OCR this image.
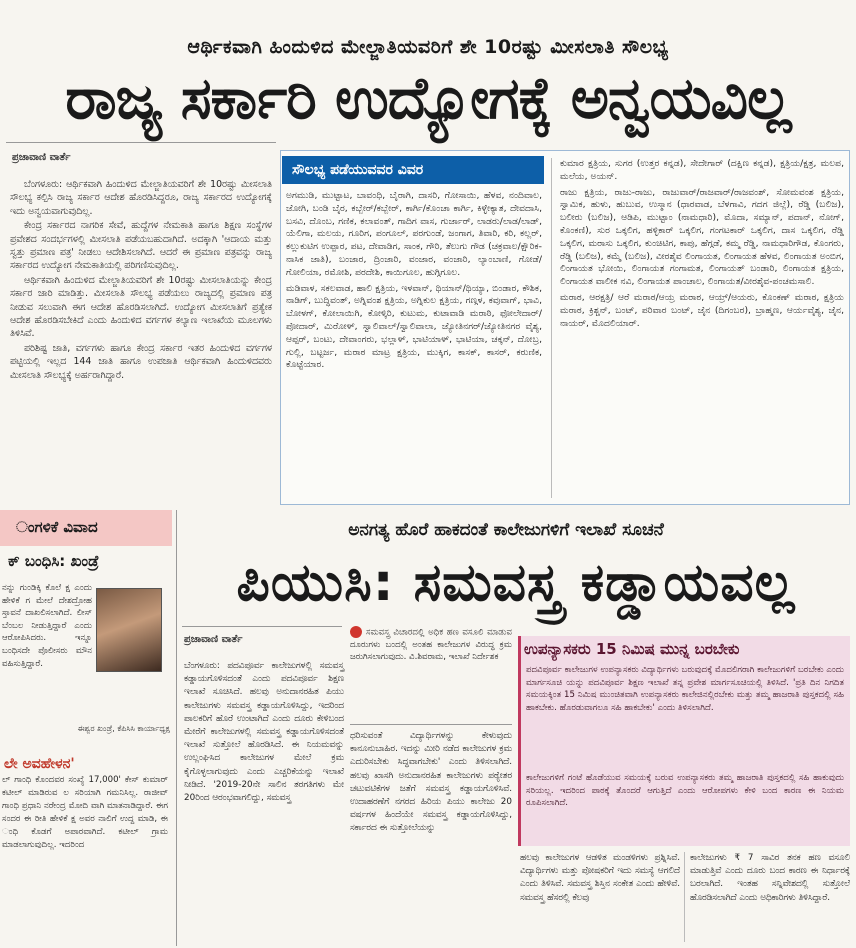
ಆರ್ಥಿಕವಾಗಿ ಹಿಂದುಳಿದ ಮೇಲ್ಜಾತಿಯವರಿಗೆ ಶೇ 10ರಷ್ಟು ಮೀಸಲಾತಿ ಸೌಲಭ್ಯ
ರಾಜ್ಯ ಸರ್ಕಾರಿ ಉದ್ಯೋಗಕ್ಕೆ ಅನ್ವಯವಿಲ್ಲ
ಪ್ರಜಾವಾಣಿ ವಾರ್ತೆ

ಬೆಂಗಳೂರು: ಆರ್ಥಿಕವಾಗಿ ಹಿಂದುಳಿದ ಮೇಲ್ಜಾತಿಯವರಿಗೆ ಶೇ 10ರಷ್ಟು ಮೀಸಲಾತಿ ಸೌಲಭ್ಯ ಕಲ್ಪಿಸಿ ರಾಜ್ಯ ಸರ್ಕಾರ ಆದೇಶ ಹೊರಡಿಸಿದ್ದರೂ, ರಾಜ್ಯ ಸರ್ಕಾರದ ಉದ್ಯೋಗಕ್ಕೆ ಇದು ಅನ್ವಯವಾಗುವುದಿಲ್ಲ.

ಕೇಂದ್ರ ಸರ್ಕಾರದ ನಾಗರಿಕ ಸೇವೆ, ಹುದ್ದೆಗಳ ನೇಮಕಾತಿ ಹಾಗೂ ಶಿಕ್ಷಣ ಸಂಸ್ಥೆಗಳ ಪ್ರವೇಶದ ಸಂದರ್ಭಗಳಲ್ಲಿ ಮೀಸಲಾತಿ ಪಡೆಯಬಹುದಾಗಿದೆ. ಅದಕ್ಕಾಗಿ 'ಆದಾಯ ಮತ್ತು ಸ್ವತ್ತು ಪ್ರಮಾಣ ಪತ್ರ' ನೀಡಲು ಆದೇಶಿಸಲಾಗಿದೆ. ಆದರೆ ಈ ಪ್ರಮಾಣ ಪತ್ರವನ್ನು ರಾಜ್ಯ ಸರ್ಕಾರದ ಉದ್ಯೋಗ ನೇಮಕಾತಿಯಲ್ಲಿ ಪರಿಗಣಿಸುವುದಿಲ್ಲ.

ಆರ್ಥಿಕವಾಗಿ ಹಿಂದುಳಿದ ಮೇಲ್ಜಾತಿಯವರಿಗೆ ಶೇ 10ರಷ್ಟು ಮೀಸಲಾತಿಯನ್ನು ಕೇಂದ್ರ ಸರ್ಕಾರ ಜಾರಿ ಮಾಡಿತ್ತು. ಮೀಸಲಾತಿ ಸೌಲಭ್ಯ ಪಡೆಯಲು ರಾಜ್ಯದಲ್ಲಿ ಪ್ರಮಾಣ ಪತ್ರ ನೀಡುವ ಸಲುವಾಗಿ ಈಗ ಆದೇಶ ಹೊರಡಿಸಲಾಗಿದೆ. ಉದ್ಯೋಗ ಮೀಸಲಾತಿಗೆ ಪ್ರತ್ಯೇಕ ಆದೇಶ ಹೊರಡಿಸಬೇಕಿದೆ ಎಂದು ಹಿಂದುಳಿದ ವರ್ಗಗಳ ಕಲ್ಯಾಣ ಇಲಾಖೆಯ ಮೂಲಗಳು ತಿಳಿಸಿವೆ.

ಪರಿಶಿಷ್ಟ ಜಾತಿ, ವರ್ಗಗಳು ಹಾಗೂ ಕೇಂದ್ರ ಸರ್ಕಾರ ಇತರ ಹಿಂದುಳಿದ ವರ್ಗಗಳ ಪಟ್ಟಿಯಲ್ಲಿ ಇಲ್ಲದ 144 ಜಾತಿ ಹಾಗೂ ಉಪಜಾತಿ ಆರ್ಥಿಕವಾಗಿ ಹಿಂದುಳಿದವರು ಮೀಸಲಾತಿ ಸೌಲಭ್ಯಕ್ಕೆ ಅರ್ಹರಾಗಿದ್ದಾರೆ.

ಸೌಲಭ್ಯ ಪಡೆಯುವವರ ವಿವರ

ಅಗಮುಡಿ, ಮುಟ್ಟಾಟ, ಬಾವಂಧಿ, ಬೈರಾಗಿ, ದಾಸರಿ, ಗೋಸಾಯಿ, ಹೆಳವ, ನಂದಿವಾಲ, ಜೋಗಿ, ಬಂಡಿ ಬೈರ, ಕಬ್ಬೇರ್/ಕಬ್ಬೇರ್, ಕಾರ್ಗಿ/ಕೊಂಚಾ ಕಾರ್ಗಿ, ಕಿಳ್ಳೇಕ್ಯಾತ, ದೇವದಾಸಿ, ಬಸವಿ, ದೊಂಬ, ಗಣಿಕ, ಕಲಾವಂತ್, ಗಾದಿಗ ವಾಸ, ಗುರ್ಜಾರ್, ಲಾಡರು/ಲಾಡ/ಲಾಡ್, ಯೆಲಿಗಾ, ಮಲಯ, ಗೂರಿಗ, ಪಂಗೂಲ್, ಪರಗುಂಡೆ, ಜಂಗಾಗ, ತಿವಾರಿ, ಕರಿ, ಕಲ್ಲರ್, ಕಲ್ಲುಕುಟಿಗ ಉಪ್ಪಾರ, ಪಟ, ದೇವಾಡಿಗ, ಸಾಂಕ, ಗೌರಿ, ತೆಲುಗು ಗೌಡ (ಚಕ್ರವಾಲ/ಕ್ಷೌರಿಕ-ನಾಸಿಕ ಜಾತಿ), ಬಂಜಾರ, ದ್ರಿಂಜಾರಿ, ವಂಜಾರ, ವಂಜಾರಿ, ಲ್ಯಾಂಬಾಣಿ, ಗೋಡೆ/ಗೋಲಿಯಾ, ರಮೋಶಿ, ಪರದೇಶಿ, ಕಾಯಿಗೂಲ, ಹುಗ್ಗಿಗೂಲ.

ಮಡಿವಾಳ, ಸಕಲವಾಡ, ಹಾಲಿ ಕ್ಷತ್ರಿಯ, ಇಳವಾನ್, ಥಿಯಾನ್/ಥಿಯ್ಯಾ, ಬಿಂಡಾರ, ಕೌಶಿಕ, ನಾಡಿಗ್, ಬುದ್ಧಿವಂತ್, ಅಗ್ನಿವಂಶ ಕ್ಷತ್ರಿಯ, ಅಗ್ನಿಕುಲ ಕ್ಷತ್ರಿಯ, ಗಣ್ಗಳ, ಕವುವಾಗ್, ಭಾವಿ, ಬೋಳಗ್, ಕೋಲಾಯಿಗಿ, ಕೋಳ್ಕಿರಿ, ಕುಟುಮ, ಕುಟಾವಾಡಿ ಮರಾಠಿ, ಫೋಲೇದಾರ್/ಪೋದಾರ್, ಮಿರೋಳ್, ಸ್ವಾಲಿವಾಲ್/ಸ್ವಾಲಿವಾಲಾ, ಜ್ಯೋತಿನಗರ್/ಜ್ಯೋತಿನಗರ ವೈಶ್ಯ, ಆಪ್ಪರ್, ಬಂಟು, ದೇವಾಂಗರು, ಭಲ್ಲಾಳ್, ಭಾಟಿಯಾಳ್, ಭಾಟಿಯಾ, ಚಕ್ಕನ್, ದೋಬ್ರ, ಗುಲ್ಲಿ, ಬಟ್ಟರ್ಜ, ಮರಾಠ ಮಾಟ್ರ ಕ್ಷತ್ರಿಯ, ಮುಕ್ಕಿಗ, ಕಾಸಕ್, ಕಾಸರ್, ಕರುಣಿಕ, ಕೊಟ್ಟೆಯಾರ.

ಕುಮಾರ ಕ್ಷತ್ರಿಯ, ಸುಗರ (ಉತ್ತರ ಕನ್ನಡ), ಸೇದೇಗಾರ್ (ದಕ್ಷಿಣ ಕನ್ನಡ), ಕ್ಷತ್ರಿಯ/ಕ್ಷತ್ರ, ಮಲಪ, ಮಲೆಯ, ಅಯನ್.

ರಾಜು ಕ್ಷತ್ರಿಯ, ರಾಜು-ರಾಜು, ರಾಜುವಾರ್/ರಾಜವಾರ್/ರಾಜವಂಶ್, ಸೋಮವಂಶ ಕ್ಷತ್ರಿಯ, ಸ್ವಾಮಿಕ, ಹುಳು, ಹುಬುವ, ಉಸ್ಮಾನ (ಧಾರವಾಡ, ಬೆಳಗಾವಿ, ಗದಗ ಜಿಲ್ಲೆ), ರೆಡ್ಡಿ (ಬಲಿಜ), ಬಲೀರು (ಬಲಿಜ), ಆಡಿಪಿ, ಮುಟ್ಟಾಂ (ನಾಮಧಾರಿ), ಮೊದಾ, ಸಮ್ಯಾನ್, ಪದಾನ್, ನೋಗ್, ಕೊಂಕಣಿ), ಸುರ ಒಕ್ಕಲಿಗ, ಹಳ್ಳಿಕಾರ್ ಒಕ್ಕಲಿಗ, ಗಂಗಟಕಾರ್ ಒಕ್ಕಲಿಗ, ದಾಸ ಒಕ್ಕಲಿಗ, ರೆಡ್ಡಿ ಒಕ್ಕಲಿಗ, ಮರಾಸು ಒಕ್ಕಲಿಗ, ಕುಂಚಿಟಿಗ, ಕಾಪು, ಹೆಗ್ಗಡೆ, ಕಮ್ಮ ರೆಡ್ಡಿ, ನಾಮಧಾರಿಗೌಡ, ಕೊಂಗರು, ರೆಡ್ಡಿ (ಬಲಿಜ), ಕಮ್ಮೆ (ಬಲಿಜ), ವೀರಶೈವ ಲಿಂಗಾಯತ, ಲಿಂಗಾಯತ ಹೆಳವ, ಲಿಂಗಾಯತ ಅಂಬಿಗ, ಲಿಂಗಾಯತ ಭೋಯಿ, ಲಿಂಗಾಯತ ಗಂಗಾಮತ, ಲಿಂಗಾಯತ್ ಬಂಡಾರಿ, ಲಿಂಗಾಯತ ಕ್ಷತ್ರಿಯ, ಲಿಂಗಾಯತ ವಾಲೀಕ ನವಿ, ಲಿಂಗಾಯತ ಪಾಂಚಾಲ, ಲಿಂಗಾಯತ/ವೀರಶೈವ-ಪಂಚಮಸಾಲಿ.

ಮರಾಠ, ಆರಕ್ಷತ್ರಿ/ ಆರೆ ಮರಾಠ/ಆಯ್ರ ಮರಾಠ, ಆಯ್ರ್/ಆಯರು, ಕೊಂಕಣ್ ಮರಾಠ, ಕ್ಷತ್ರಿಯ ಮರಾಠ, ಕ್ರಿಶ್ಚನ್, ಬಂಟ್, ಪರಿವಾರ ಬಂಟ್, ಜೈನ (ದಿಗಂಬರ), ಬ್ರಾಹ್ಮಣ, ಆರ್ಯವೈಶ್ಯ, ಜೈನ, ನಾಯರ್, ಮೊದಲಿಯಾರ್.

ಂಗಳಿಕೆ ವಿವಾದ
ಕ್ ಬಂಧಿಸಿ: ಖಂಡ್ರೆ
ನನ್ನು ಗುಂಡಿಕ್ಕಿ ಕೊಲೆ ಕ್ಷ ಎಂದು ಹೇಳಿಕೆ ಗ ಮೇಲೆ ದೇಶದ್ರೋಹ ಸ್ತಾವನೆ ದಾಖಲಿಸಲಾಗಿದೆ. ಲೀಸ್ ಬೆಂಬಲ ನೀಡುತ್ತಿದ್ದಾರೆ ಎಂದು ಆರೋಪಿಸಿದರು. ಇನ್ನೂ ಬಂಧಿಸದೇ ಪೊಲೀಸರು ಮೌನ ವಹಿಸುತ್ತಿದ್ದಾರೆ.
ಈಶ್ವರ ಖಂಡ್ರೆ, ಕೆಪಿಸಿಸಿ ಕಾರ್ಯಾಧ್ಯಕ್ಷ
ಲೇ ಅವಹೇಳನ'
ಲ್ ಗಾಂಧಿ ಕೊಂದವರ ಸಂಖ್ಯೆ 17,000' ಕೇಸ್ ಕುಮಾರ್ ಕಟೀಲ್ ಮಾಡಿರುವ ಲ ಸರಿಯಾಗಿ ಗಮನಿಸಿಲ್ಲ. ರಾಜೀವ್ ಗಾಂಧಿ ಪ್ರಧಾನಿ ನರೇಂದ್ರ ಮೋದಿ ವಾಗಿ ಮಾತನಾಡಿದ್ದಾರೆ. ಈಗ ಸಂದರ ಈ ರೀತಿ ಹೇಳಿಕೆ ಕ್ಷ ಅವರ ನಾಲಿಗೆ ಉದ್ದ ಮಾಡಿ, ಈ ಂಧಿ ಕೊಡಗೆ ಅಪಾರವಾಗಿದೆ. ಕಟೀಲ್ ಗ್ರಾಮ ಮಾಡಲಾಗುವುದಿಲ್ಲ. ಇದರಿಂದ
ಅನಗತ್ಯ ಹೊರೆ ಹಾಕದಂತೆ ಕಾಲೇಜುಗಳಿಗೆ ಇಲಾಖೆ ಸೂಚನೆ
ಪಿಯುಸಿ: ಸಮವಸ್ತ್ರ ಕಡ್ಡಾಯವಲ್ಲ
ಪ್ರಜಾವಾಣಿ ವಾರ್ತೆ
ಬೆಂಗಳೂರು: ಪದವಿಪೂರ್ವ ಕಾಲೇಜುಗಳಲ್ಲಿ ಸಮವಸ್ತ್ರ ಕಡ್ಡಾಯಗೊಳಿಸದಂತೆ ಎಂದು ಪದವಿಪೂರ್ವ ಶಿಕ್ಷಣ ಇಲಾಖೆ ಸೂಚಿಸಿದೆ. ಹಲವು ಅನುದಾನರಹಿತ ಪಿಯು ಕಾಲೇಜುಗಳು ಸಮವಸ್ತ್ರ ಕಡ್ಡಾಯಗೊಳಿಸಿದ್ದು, ಇದರಿಂದ ಪಾಲಕರಿಗೆ ಹೊರೆ ಉಂಟಾಗಿದೆ ಎಂದು ದೂರು ಕೇಳಿಬಂದ ಮೇರೆಗೆ ಕಾಲೇಜುಗಳಲ್ಲಿ ಸಮವಸ್ತ್ರ ಕಡ್ಡಾಯಗೊಳಿಸದಂತೆ ಇಲಾಖೆ ಸುತ್ತೋಲೆ ಹೊರಡಿಸಿದೆ. ಈ ನಿಯಮವನ್ನು ಉಲ್ಲಂಘಿಸಿದ ಕಾಲೇಜುಗಳ ಮೇಲೆ ಕ್ರಮ ಕೈಗೊಳ್ಳಲಾಗುವುದು ಎಂದು ಎಚ್ಚರಿಕೆಯನ್ನು ಇಲಾಖೆ ನೀಡಿದೆ. '2019-20ನೇ ಸಾಲಿನ ತರಗತಿಗಳು ಮೇ 20ರಿಂದ ಆರಂಭವಾಗಲಿದ್ದು, ಸಮವಸ್ತ್ರ
ಸಮವಸ್ತ್ರ ವಿಚಾರದಲ್ಲಿ ಅಧಿಕ ಹಣ ವಸೂಲಿ ಮಾಡುವ ದೂರುಗಳು ಬಂದಲ್ಲಿ ಅಂತಹ ಕಾಲೇಜುಗಳ ವಿರುದ್ಧ ಕ್ರಮ ಜರುಗಿಸಲಾಗುವುದು. ವಿ.ಶಿವರಾಮ, ಇಲಾಖೆ ನಿರ್ದೇಶಕ
ಧರಿಸುವಂತೆ ವಿದ್ಯಾರ್ಥಿಗಳನ್ನು ಕೇಳುವುದು ಕಾನೂನುಬಾಹಿರ. ಇದನ್ನು ಮೀರಿ ನಡೆದ ಕಾಲೇಜುಗಳ ಕ್ರಮ ಎದುರಿಸಬೇಕು ಸಿದ್ಧವಾಗಬೇಕು' ಎಂದು ತಿಳಿಸಲಾಗಿದೆ. ಹಲವು ಖಾಸಗಿ ಅನುದಾನರಹಿತ ಕಾಲೇಜುಗಳು ಪಠ್ಯೇತರ ಚಟುವಟಿಕೆಗಳ ಜತೆಗೆ ಸಮವಸ್ತ್ರ ಕಡ್ಡಾಯಗೊಳಿಸಿವೆ. ಉದಾಹರಣೆಗೆ ನಗರದ ಹಿರಿಯ ಪಿಯು ಕಾಲೇಜು 20 ವರ್ಷಗಳ ಹಿಂದೆಯೇ ಸಮವಸ್ತ್ರ ಕಡ್ಡಾಯಗೊಳಿಸಿದ್ದು, ಸರ್ಕಾರದ ಈ ಸುತ್ತೋಲೆಯನ್ನು
ಉಪನ್ಯಾಸಕರು 15 ನಿಮಿಷ ಮುನ್ನ ಬರಬೇಕು
ಪದವಿಪೂರ್ವ ಕಾಲೇಜುಗಳ ಉಪನ್ಯಾಸಕರು ವಿದ್ಯಾರ್ಥಿಗಳು ಬರುವುದಕ್ಕೆ ಮೊದಲಿಗರಾಗಿ ಕಾಲೇಜುಗಳಿಗೆ ಬರಬೇಕು ಎಂದು ಮಾರ್ಗಸೂಚಿ ಯನ್ನು ಪದವಿಪೂರ್ವ ಶಿಕ್ಷಣ ಇಲಾಖೆ ತನ್ನ ಪ್ರವೇಶ ಮಾರ್ಗಸೂಚಿಯಲ್ಲಿ ತಿಳಿಸಿದೆ. 'ಪ್ರತಿ ದಿನ ನಿಗದಿತ ಸಮಯಕ್ಕಿಂತ 15 ನಿಮಿಷ ಮುಂಚಿತವಾಗಿ ಉಪನ್ಯಾಸಕರು ಕಾಲೇಜಿನಲ್ಲಿರಬೇಕು ಮತ್ತು ತಮ್ಮ ಹಾಜರಾತಿ ಪುಸ್ತಕದಲ್ಲಿ ಸಹಿ ಹಾಕಬೇಕು. ಹೊರಡುವಾಗಲೂ ಸಹಿ ಹಾಕಬೇಕು' ಎಂದು ತಿಳಿಸಲಾಗಿದೆ.
ಕಾಲೇಜುಗಳಿಗೆ ಗಂಟೆ ಹೊಡೆಯುವ ಸಮಯಕ್ಕೆ ಬರುವ ಉಪನ್ಯಾಸಕರು ತಮ್ಮ ಹಾಜರಾತಿ ಪುಸ್ತಕದಲ್ಲಿ ಸಹಿ ಹಾಕುವುದು ಸರಿಯಲ್ಲ. ಇದರಿಂದ ಪಾಠಕ್ಕೆ ತೊಂದರೆ ಆಗುತ್ತಿದೆ ಎಂದು ಆರೋಪಗಳು ಕೇಳಿ ಬಂದ ಕಾರಣ ಈ ನಿಯಮ ರೂಪಿಸಲಾಗಿದೆ.
ಹಲವು ಕಾಲೇಜುಗಳ ಆಡಳಿತ ಮಂಡಳಿಗಳು ಪ್ರಶ್ನಿಸಿವೆ. ವಿದ್ಯಾರ್ಥಿಗಳು ಮತ್ತು ಪೋಷಕರಿಗೆ ಇದು ಸಮಸ್ಯೆ ಆಗಲಿದೆ ಎಂದು ತಿಳಿಸಿವೆ. ಸಮವಸ್ತ್ರ ಶಿಸ್ತಿನ ಸಂಕೇತ ಎಂದು ಹೇಳಿವೆ. ಸಮವಸ್ತ್ರ ಹೆಸರಲ್ಲಿ ಕೆಲವು
ಕಾಲೇಜುಗಳು ₹ 7 ಸಾವಿರ ತನಕ ಹಣ ವಸೂಲಿ ಮಾಡುತ್ತಿವೆ ಎಂದು ದೂರು ಬಂದ ಕಾರಣ ಈ ನಿರ್ಧಾರಕ್ಕೆ ಬರಲಾಗಿದೆ. ಇಂತಹ ಸನ್ನಿವೇಶದಲ್ಲಿ ಸುತ್ತೋಲೆ ಹೊರಡಿಸಲಾಗಿದೆ ಎಂದು ಅಧಿಕಾರಿಗಳು ತಿಳಿಸಿದ್ದಾರೆ.
